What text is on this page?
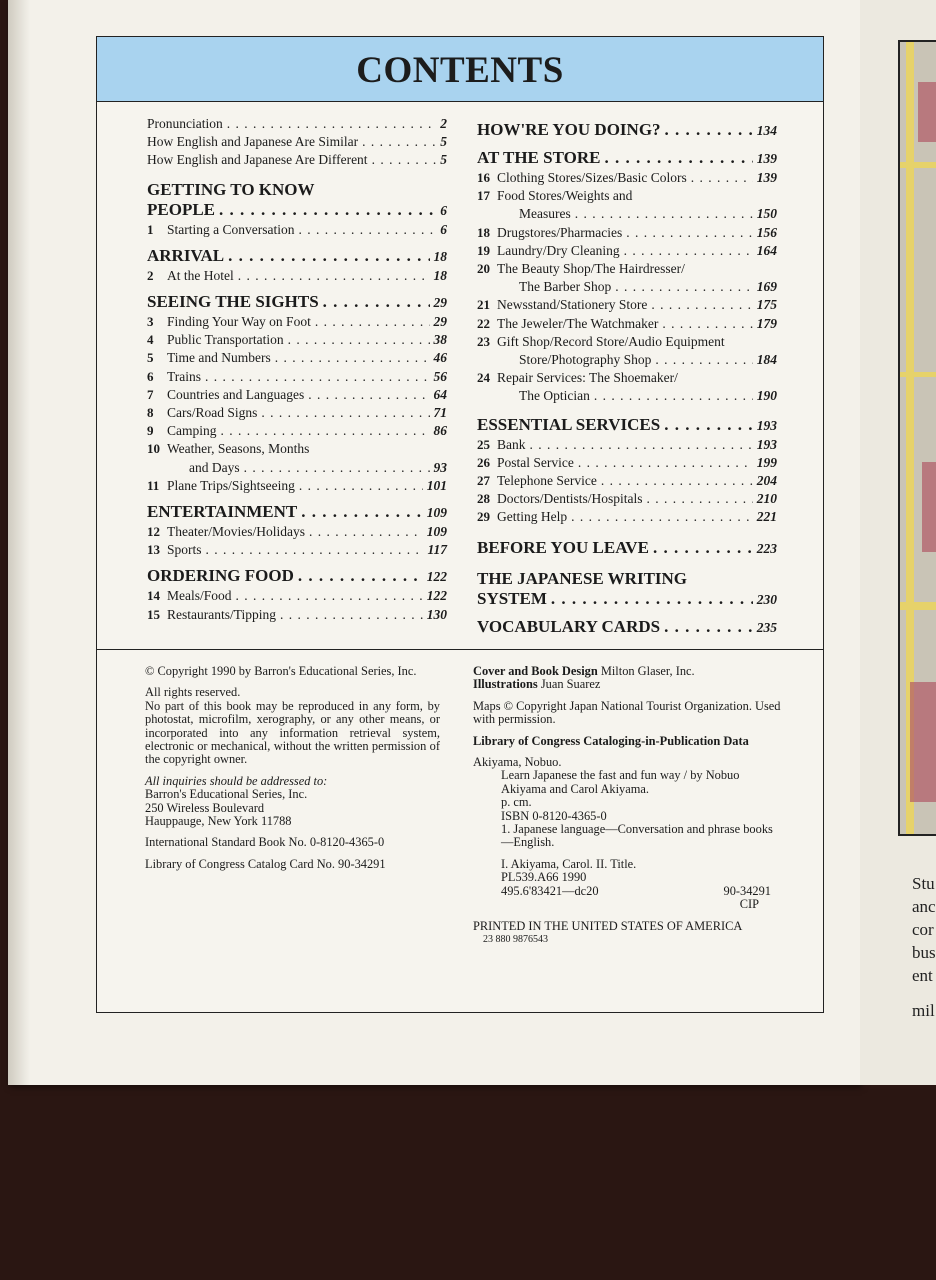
CONTENTS
Pronunciation . . .	2
How English and Japanese Are Similar . . .	5
How English and Japanese Are Different . . .	5
GETTING TO KNOW
PEOPLE . . .	6
1 Starting a Conversation . . .	6
ARRIVAL . . .	18
2 At the Hotel . . .	18
SEEING THE SIGHTS . . .	29
3 Finding Your Way on Foot . . .	29
4 Public Transportation . . .	38
5 Time and Numbers . . .	46
6 Trains . . .	56
7 Countries and Languages . . .	64
8 Cars/Road Signs . . .	71
9 Camping . . .	86
10 Weather, Seasons, Months
and Days . . .	93
11 Plane Trips/Sightseeing . . .	101
ENTERTAINMENT . . .	109
12 Theater/Movies/Holidays . . .	109
13 Sports . . .	117
ORDERING FOOD . . .	122
14 Meals/Food . . .	122
15 Restaurants/Tipping . . .	130
HOW'RE YOU DOING? . . .	134
AT THE STORE . . .	139
16 Clothing Stores/Sizes/Basic Colors . . .	139
17 Food Stores/Weights and
Measures . . .	150
18 Drugstores/Pharmacies . . .	156
19 Laundry/Dry Cleaning . . .	164
20 The Beauty Shop/The Hairdresser/
The Barber Shop . . .	169
21 Newsstand/Stationery Store . . .	175
22 The Jeweler/The Watchmaker . . .	179
23 Gift Shop/Record Store/Audio Equipment
Store/Photography Shop . . .	184
24 Repair Services: The Shoemaker/
The Optician . . .	190
ESSENTIAL SERVICES . . .	193
25 Bank . . .	193
26 Postal Service . . .	199
27 Telephone Service . . .	204
28 Doctors/Dentists/Hospitals . . .	210
29 Getting Help . . .	221
BEFORE YOU LEAVE . . .	223
THE JAPANESE WRITING
SYSTEM . . .	230
VOCABULARY CARDS . . .	235

© Copyright 1990 by Barron's Educational Series, Inc.

All rights reserved.

No part of this book may be reproduced in any form, by photostat, microfilm, xerography, or any other means, or incorporated into any information retrieval system, electronic or mechanical, without the written permission of the copyright owner.

All inquiries should be addressed to:

Barron's Educational Series, Inc.
250 Wireless Boulevard

Hauppauge, New York 11788

International Standard Book No. 0-8120-4365-0

Library of Congress Catalog Card No. 90-34291

Cover and Book Design Milton Glaser, Inc.

Illustrations Juan Suarez

Maps © Copyright Japan National Tourist Organization. Used with permission.

Library of Congress Cataloging-in-Publication Data

Akiyama, Nobuo.
Learn Japanese the fast and fun way / by Nobuo Akiyama and Carol Akiyama.
p. cm.
ISBN 0-8120-4365-0

1. Japanese language—Conversation and phrase books—English.

I. Akiyama, Carol. II. Title.
PL539.A66 1990
495.6'83421—dc20	90-34291

CIP

PRINTED IN THE UNITED STATES OF AMERICA
23 880 9876543
Stu
anc
cor
bus
ent
mil
